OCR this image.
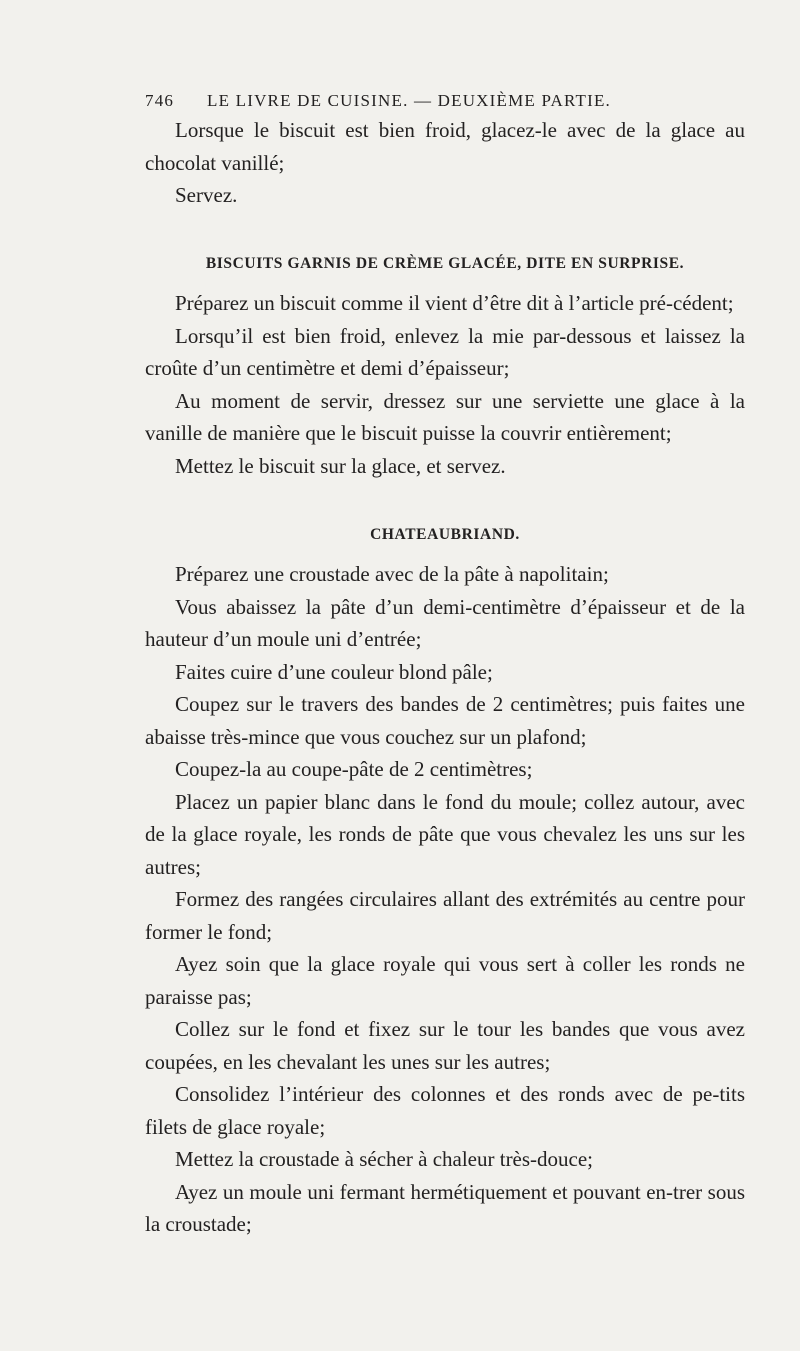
746	LE LIVRE DE CUISINE. — DEUXIÈME PARTIE.

Lorsque le biscuit est bien froid, glacez-le avec de la glace au chocolat vanillé;

Servez.

BISCUITS GARNIS DE CRÈME GLACÉE, DITE EN SURPRISE.

Préparez un biscuit comme il vient d’être dit à l’article pré-cédent;

Lorsqu’il est bien froid, enlevez la mie par-dessous et laissez la croûte d’un centimètre et demi d’épaisseur;

Au moment de servir, dressez sur une serviette une glace à la vanille de manière que le biscuit puisse la couvrir entièrement;

Mettez le biscuit sur la glace, et servez.

CHATEAUBRIAND.

Préparez une croustade avec de la pâte à napolitain;

Vous abaissez la pâte d’un demi-centimètre d’épaisseur et de la hauteur d’un moule uni d’entrée;

Faites cuire d’une couleur blond pâle;

Coupez sur le travers des bandes de 2 centimètres; puis faites une abaisse très-mince que vous couchez sur un plafond;

Coupez-la au coupe-pâte de 2 centimètres;

Placez un papier blanc dans le fond du moule; collez autour, avec de la glace royale, les ronds de pâte que vous chevalez les uns sur les autres;

Formez des rangées circulaires allant des extrémités au centre pour former le fond;

Ayez soin que la glace royale qui vous sert à coller les ronds ne paraisse pas;

Collez sur le fond et fixez sur le tour les bandes que vous avez coupées, en les chevalant les unes sur les autres;

Consolidez l’intérieur des colonnes et des ronds avec de pe-tits filets de glace royale;

Mettez la croustade à sécher à chaleur très-douce;

Ayez un moule uni fermant hermétiquement et pouvant en-trer sous la croustade;
